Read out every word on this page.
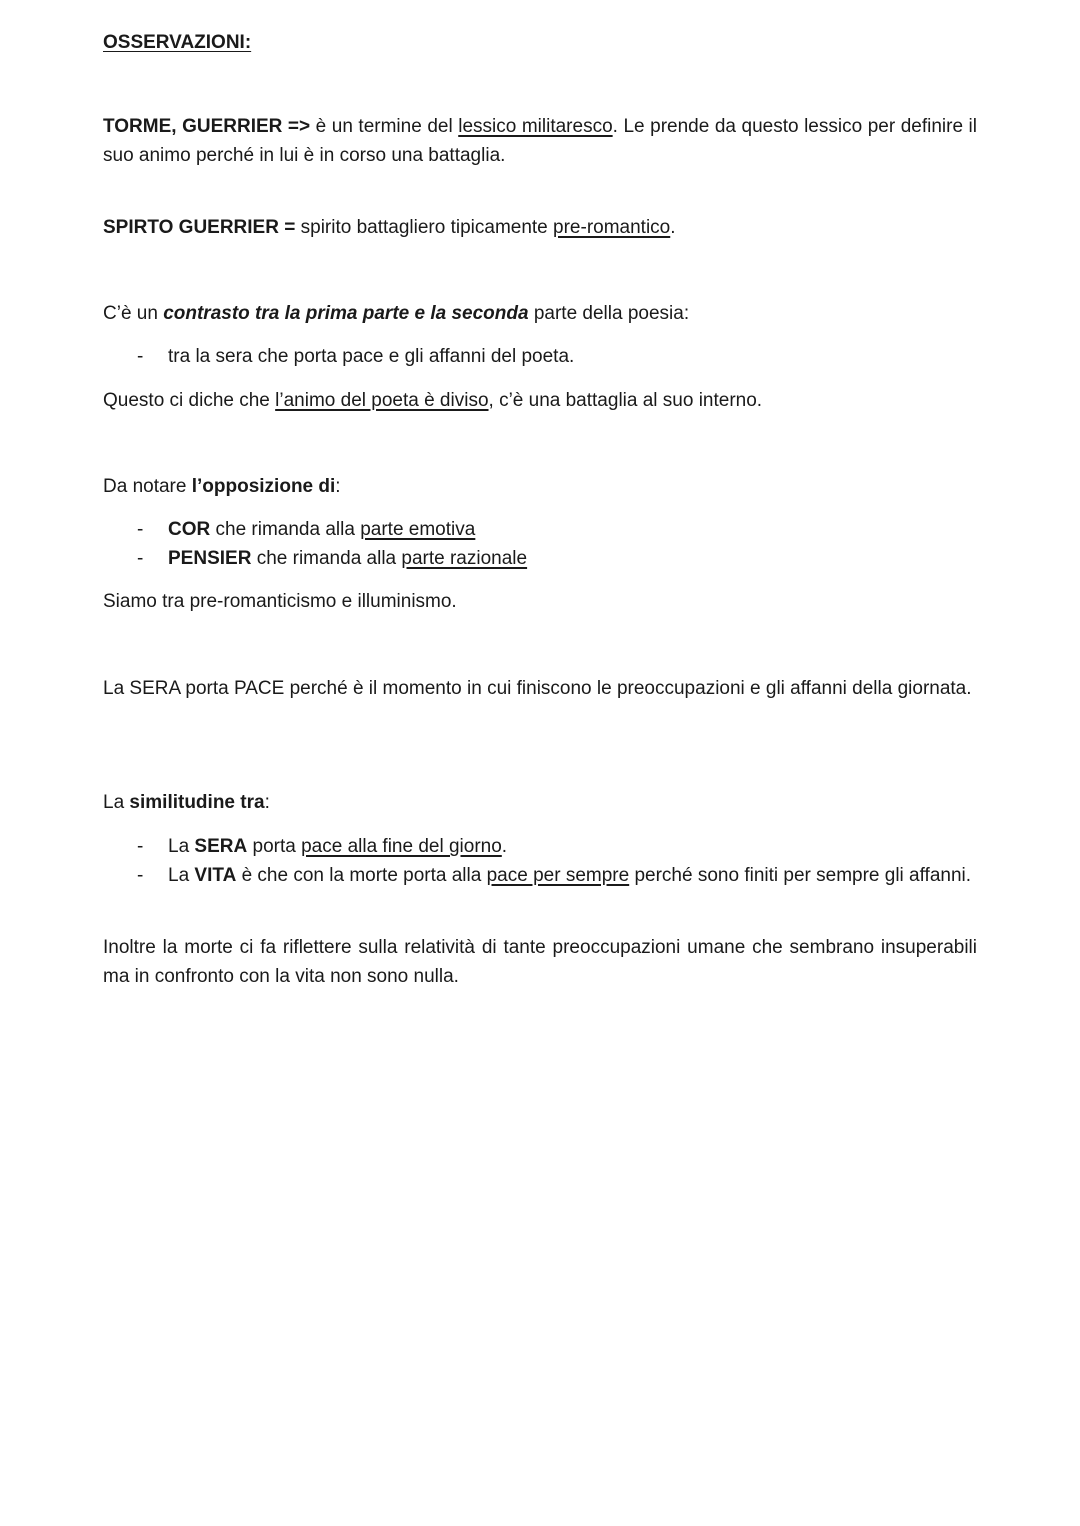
OSSERVAZIONI:
TORME, GUERRIER => è un termine del lessico militaresco. Le prende da questo lessico per definire il suo animo perché in lui è in corso una battaglia.
SPIRTO GUERRIER = spirito battagliero tipicamente pre-romantico.
C’è un contrasto tra la prima parte e la seconda parte della poesia:
- tra la sera che porta pace e gli affanni del poeta.
Questo ci diche che l’animo del poeta è diviso, c’è una battaglia al suo interno.
Da notare l’opposizione di:
- COR che rimanda alla parte emotiva
- PENSIER che rimanda alla parte razionale
Siamo tra pre-romanticismo e illuminismo.
La SERA porta PACE perché è il momento in cui finiscono le preoccupazioni e gli affanni della giornata.
La similitudine tra:
- La SERA porta pace alla fine del giorno.
- La VITA è che con la morte porta alla pace per sempre perché sono finiti per sempre gli affanni.
Inoltre la morte ci fa riflettere sulla relatività di tante preoccupazioni umane che sembrano insuperabili ma in confronto con la vita non sono nulla.
